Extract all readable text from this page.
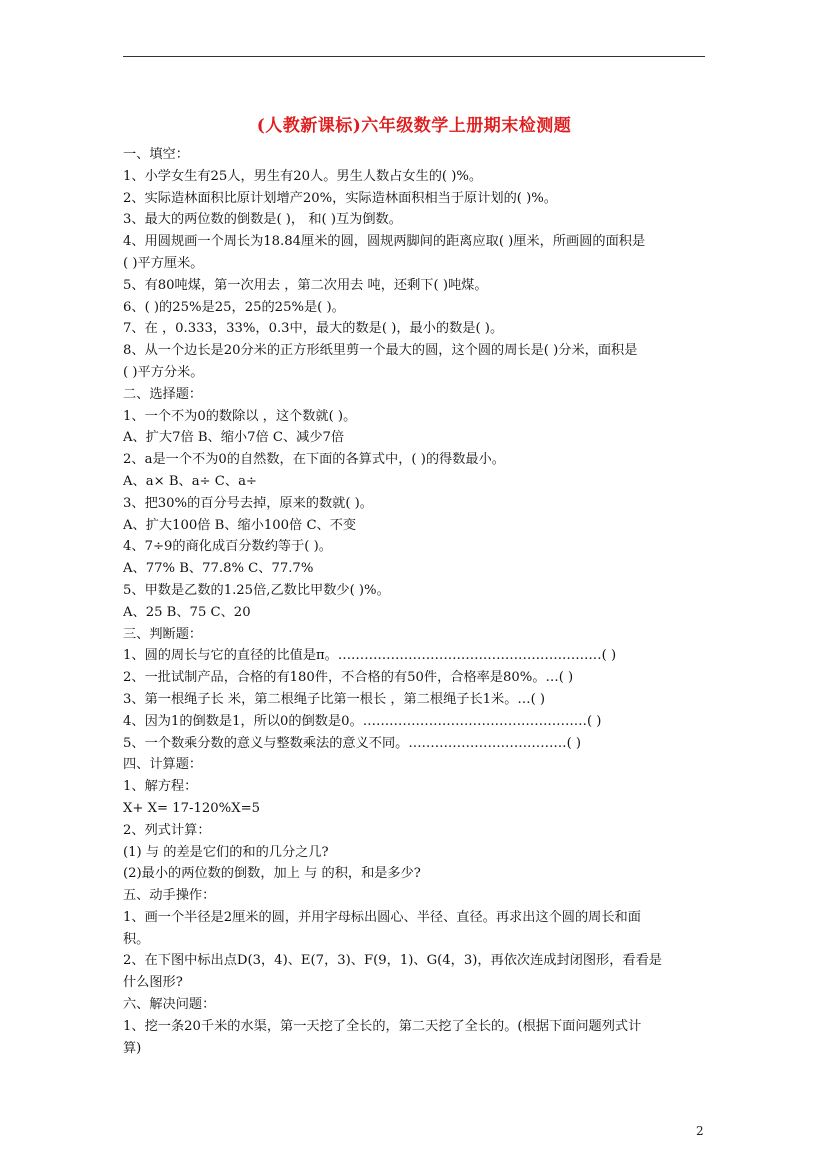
(人教新课标)六年级数学上册期末检测题
一、填空：
1、小学女生有25人，男生有20人。男生人数占女生的( )%。
2、实际造林面积比原计划增产20%，实际造林面积相当于原计划的( )%。
3、最大的两位数的倒数是( )， 和( )互为倒数。
4、用圆规画一个周长为18.84厘米的圆，圆规两脚间的距离应取( )厘米，所画圆的面积是
( )平方厘米。
5、有80吨煤，第一次用去 ，第二次用去 吨，还剩下( )吨煤。
6、( )的25%是25，25的25%是( )。
7、在 ，0.333，33%，0.3中，最大的数是( )，最小的数是( )。
8、从一个边长是20分米的正方形纸里剪一个最大的圆，这个圆的周长是( )分米，面积是
( )平方分米。
二、选择题：
1、一个不为0的数除以 ，这个数就( )。
A、扩大7倍 B、缩小7倍 C、减少7倍
2、a是一个不为0的自然数，在下面的各算式中，( )的得数最小。
A、a× B、a÷ C、a÷
3、把30%的百分号去掉，原来的数就( )。
A、扩大100倍 B、缩小100倍 C、不变
4、7÷9的商化成百分数约等于( )。
A、77% B、77.8% C、77.7%
5、甲数是乙数的1.25倍,乙数比甲数少( )%。
A、25 B、75 C、20
三、判断题：
1、圆的周长与它的直径的比值是π。……………………………………………………( )
2、一批试制产品，合格的有180件，不合格的有50件，合格率是80%。…( )
3、第一根绳子长 米，第二根绳子比第一根长 ，第二根绳子长1米。…( )
4、因为1的倒数是1，所以0的倒数是0。……………………………………………( )
5、一个数乘分数的意义与整数乘法的意义不同。………………………………( )
四、计算题：
1、解方程：
X+ X= 17-120%X=5
2、列式计算：
(1) 与 的差是它们的和的几分之几?
(2)最小的两位数的倒数，加上 与 的积，和是多少?
五、动手操作：
1、画一个半径是2厘米的圆，并用字母标出圆心、半径、直径。再求出这个圆的周长和面
积。
2、在下图中标出点D(3，4)、E(7，3)、F(9，1)、G(4，3)，再依次连成封闭图形，看看是
什么图形?
六、解决问题：
1、挖一条20千米的水渠，第一天挖了全长的，第二天挖了全长的。(根据下面问题列式计
算)
2
